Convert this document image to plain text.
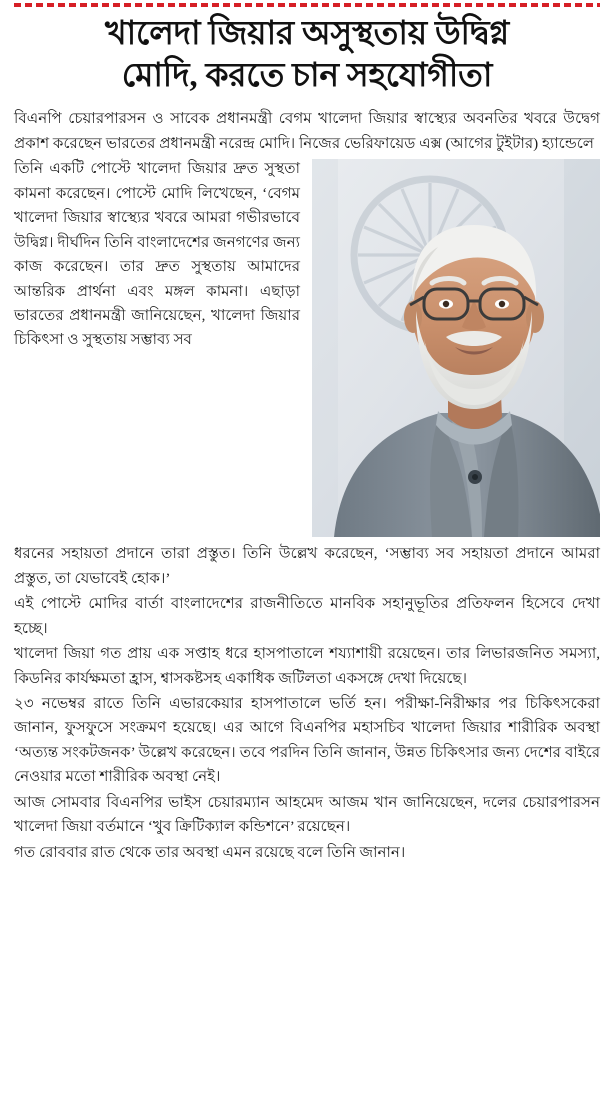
খালেদা জিয়ার অসুস্থতায় উদ্বিগ্ন
মোদি, করতে চান সহযোগীতা

বিএনপি চেয়ারপারসন ও সাবেক প্রধানমন্ত্রী বেগম খালেদা জিয়ার স্বাস্থ্যের অবনতির খবরে উদ্বেগ প্রকাশ করেছেন ভারতের প্রধানমন্ত্রী নরেন্দ্র মোদি। নিজের ভেরিফায়েড এক্স (আগের টুইটার) হ্যান্ডেলে

তিনি একটি পোস্টে খালেদা জিয়ার দ্রুত সুস্থতা কামনা করেছেন। পোস্টে মোদি লিখেছেন, ‘বেগম খালেদা জিয়ার স্বাস্থ্যের খবরে আমরা গভীরভাবে উদ্বিগ্ন। দীর্ঘদিন তিনি বাংলাদেশের জনগণের জন্য কাজ করেছেন। তার দ্রুত সুস্থতায় আমাদের আন্তরিক প্রার্থনা এবং মঙ্গল কামনা। এছাড়া ভারতের প্রধানমন্ত্রী জানিয়েছেন, খালেদা জিয়ার চিকিৎসা ও সুস্থতায় সম্ভাব্য সব

ধরনের সহায়তা প্রদানে তারা প্রস্তুত। তিনি উল্লেখ করেছেন, ‘সম্ভাব্য সব সহায়তা প্রদানে আমরা প্রস্তুত, তা যেভাবেই হোক।’

এই পোস্টে মোদির বার্তা বাংলাদেশের রাজনীতিতে মানবিক সহানুভূতির প্রতিফলন হিসেবে দেখা হচ্ছে।

খালেদা জিয়া গত প্রায় এক সপ্তাহ ধরে হাসপাতালে শয্যাশায়ী রয়েছেন। তার লিভারজনিত সমস্যা, কিডনির কার্যক্ষমতা হ্রাস, শ্বাসকষ্টসহ একাধিক জটিলতা একসঙ্গে দেখা দিয়েছে।

২৩ নভেম্বর রাতে তিনি এভারকেয়ার হাসপাতালে ভর্তি হন। পরীক্ষা-নিরীক্ষার পর চিকিৎসকেরা জানান, ফুসফুসে সংক্রমণ হয়েছে। এর আগে বিএনপির মহাসচিব খালেদা জিয়ার শারীরিক অবস্থা ‘অত্যন্ত সংকটজনক’ উল্লেখ করেছেন। তবে পরদিন তিনি জানান, উন্নত চিকিৎসার জন্য দেশের বাইরে নেওয়ার মতো শারীরিক অবস্থা নেই।

আজ সোমবার বিএনপির ভাইস চেয়ারম্যান আহমেদ আজম খান জানিয়েছেন, দলের চেয়ারপারসন খালেদা জিয়া বর্তমানে ‘খুব ক্রিটিক্যাল কন্ডিশনে’ রয়েছেন।

গত রোববার রাত থেকে তার অবস্থা এমন রয়েছে বলে তিনি জানান।
